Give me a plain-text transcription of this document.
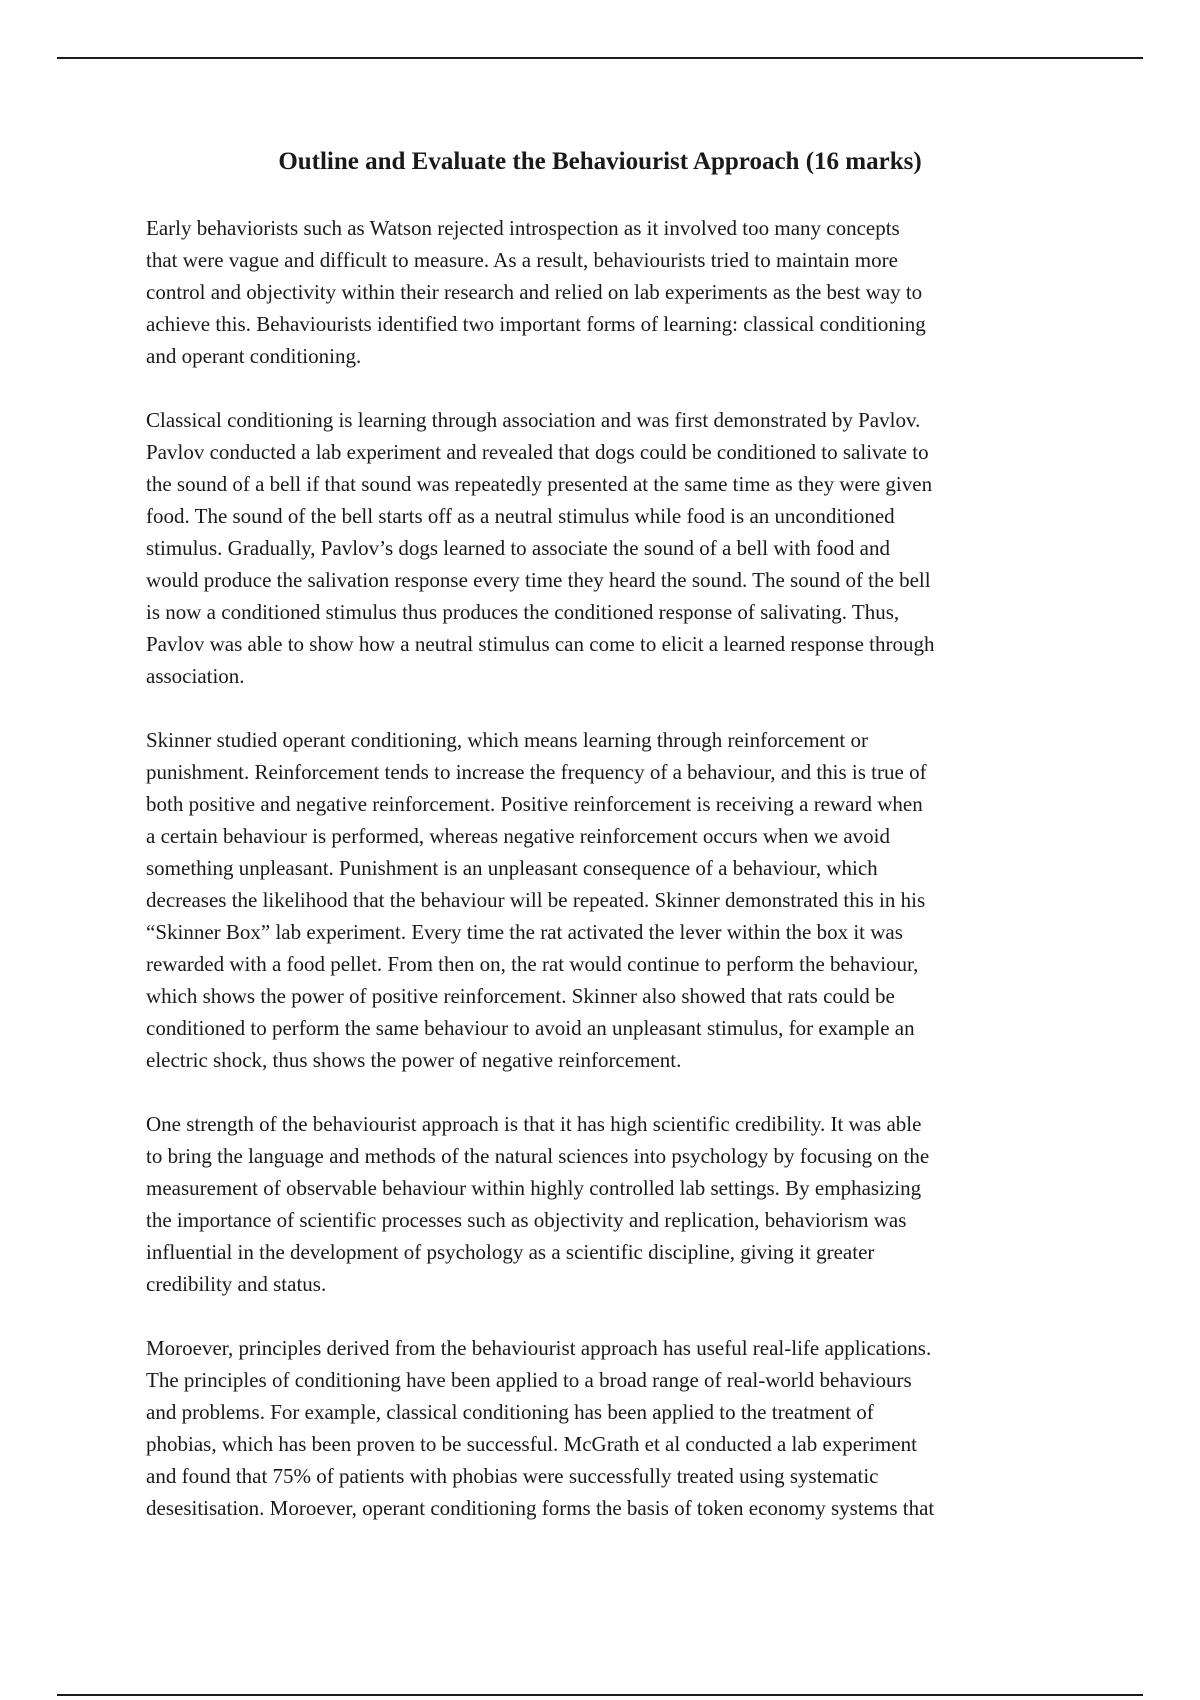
Outline and Evaluate the Behaviourist Approach (16 marks)

Early behaviorists such as Watson rejected introspection as it involved too many concepts
that were vague and difficult to measure. As a result, behaviourists tried to maintain more
control and objectivity within their research and relied on lab experiments as the best way to
achieve this. Behaviourists identified two important forms of learning: classical conditioning
and operant conditioning.

Classical conditioning is learning through association and was first demonstrated by Pavlov.
Pavlov conducted a lab experiment and revealed that dogs could be conditioned to salivate to
the sound of a bell if that sound was repeatedly presented at the same time as they were given
food. The sound of the bell starts off as a neutral stimulus while food is an unconditioned
stimulus. Gradually, Pavlov’s dogs learned to associate the sound of a bell with food and
would produce the salivation response every time they heard the sound. The sound of the bell
is now a conditioned stimulus thus produces the conditioned response of salivating. Thus,
Pavlov was able to show how a neutral stimulus can come to elicit a learned response through
association.

Skinner studied operant conditioning, which means learning through reinforcement or
punishment. Reinforcement tends to increase the frequency of a behaviour, and this is true of
both positive and negative reinforcement. Positive reinforcement is receiving a reward when
a certain behaviour is performed, whereas negative reinforcement occurs when we avoid
something unpleasant. Punishment is an unpleasant consequence of a behaviour, which
decreases the likelihood that the behaviour will be repeated. Skinner demonstrated this in his
“Skinner Box” lab experiment. Every time the rat activated the lever within the box it was
rewarded with a food pellet. From then on, the rat would continue to perform the behaviour,
which shows the power of positive reinforcement. Skinner also showed that rats could be
conditioned to perform the same behaviour to avoid an unpleasant stimulus, for example an
electric shock, thus shows the power of negative reinforcement.

One strength of the behaviourist approach is that it has high scientific credibility. It was able
to bring the language and methods of the natural sciences into psychology by focusing on the
measurement of observable behaviour within highly controlled lab settings. By emphasizing
the importance of scientific processes such as objectivity and replication, behaviorism was
influential in the development of psychology as a scientific discipline, giving it greater
credibility and status.

Moroever, principles derived from the behaviourist approach has useful real-life applications.
The principles of conditioning have been applied to a broad range of real-world behaviours
and problems. For example, classical conditioning has been applied to the treatment of
phobias, which has been proven to be successful. McGrath et al conducted a lab experiment
and found that 75% of patients with phobias were successfully treated using systematic
desesitisation. Moroever, operant conditioning forms the basis of token economy systems that
